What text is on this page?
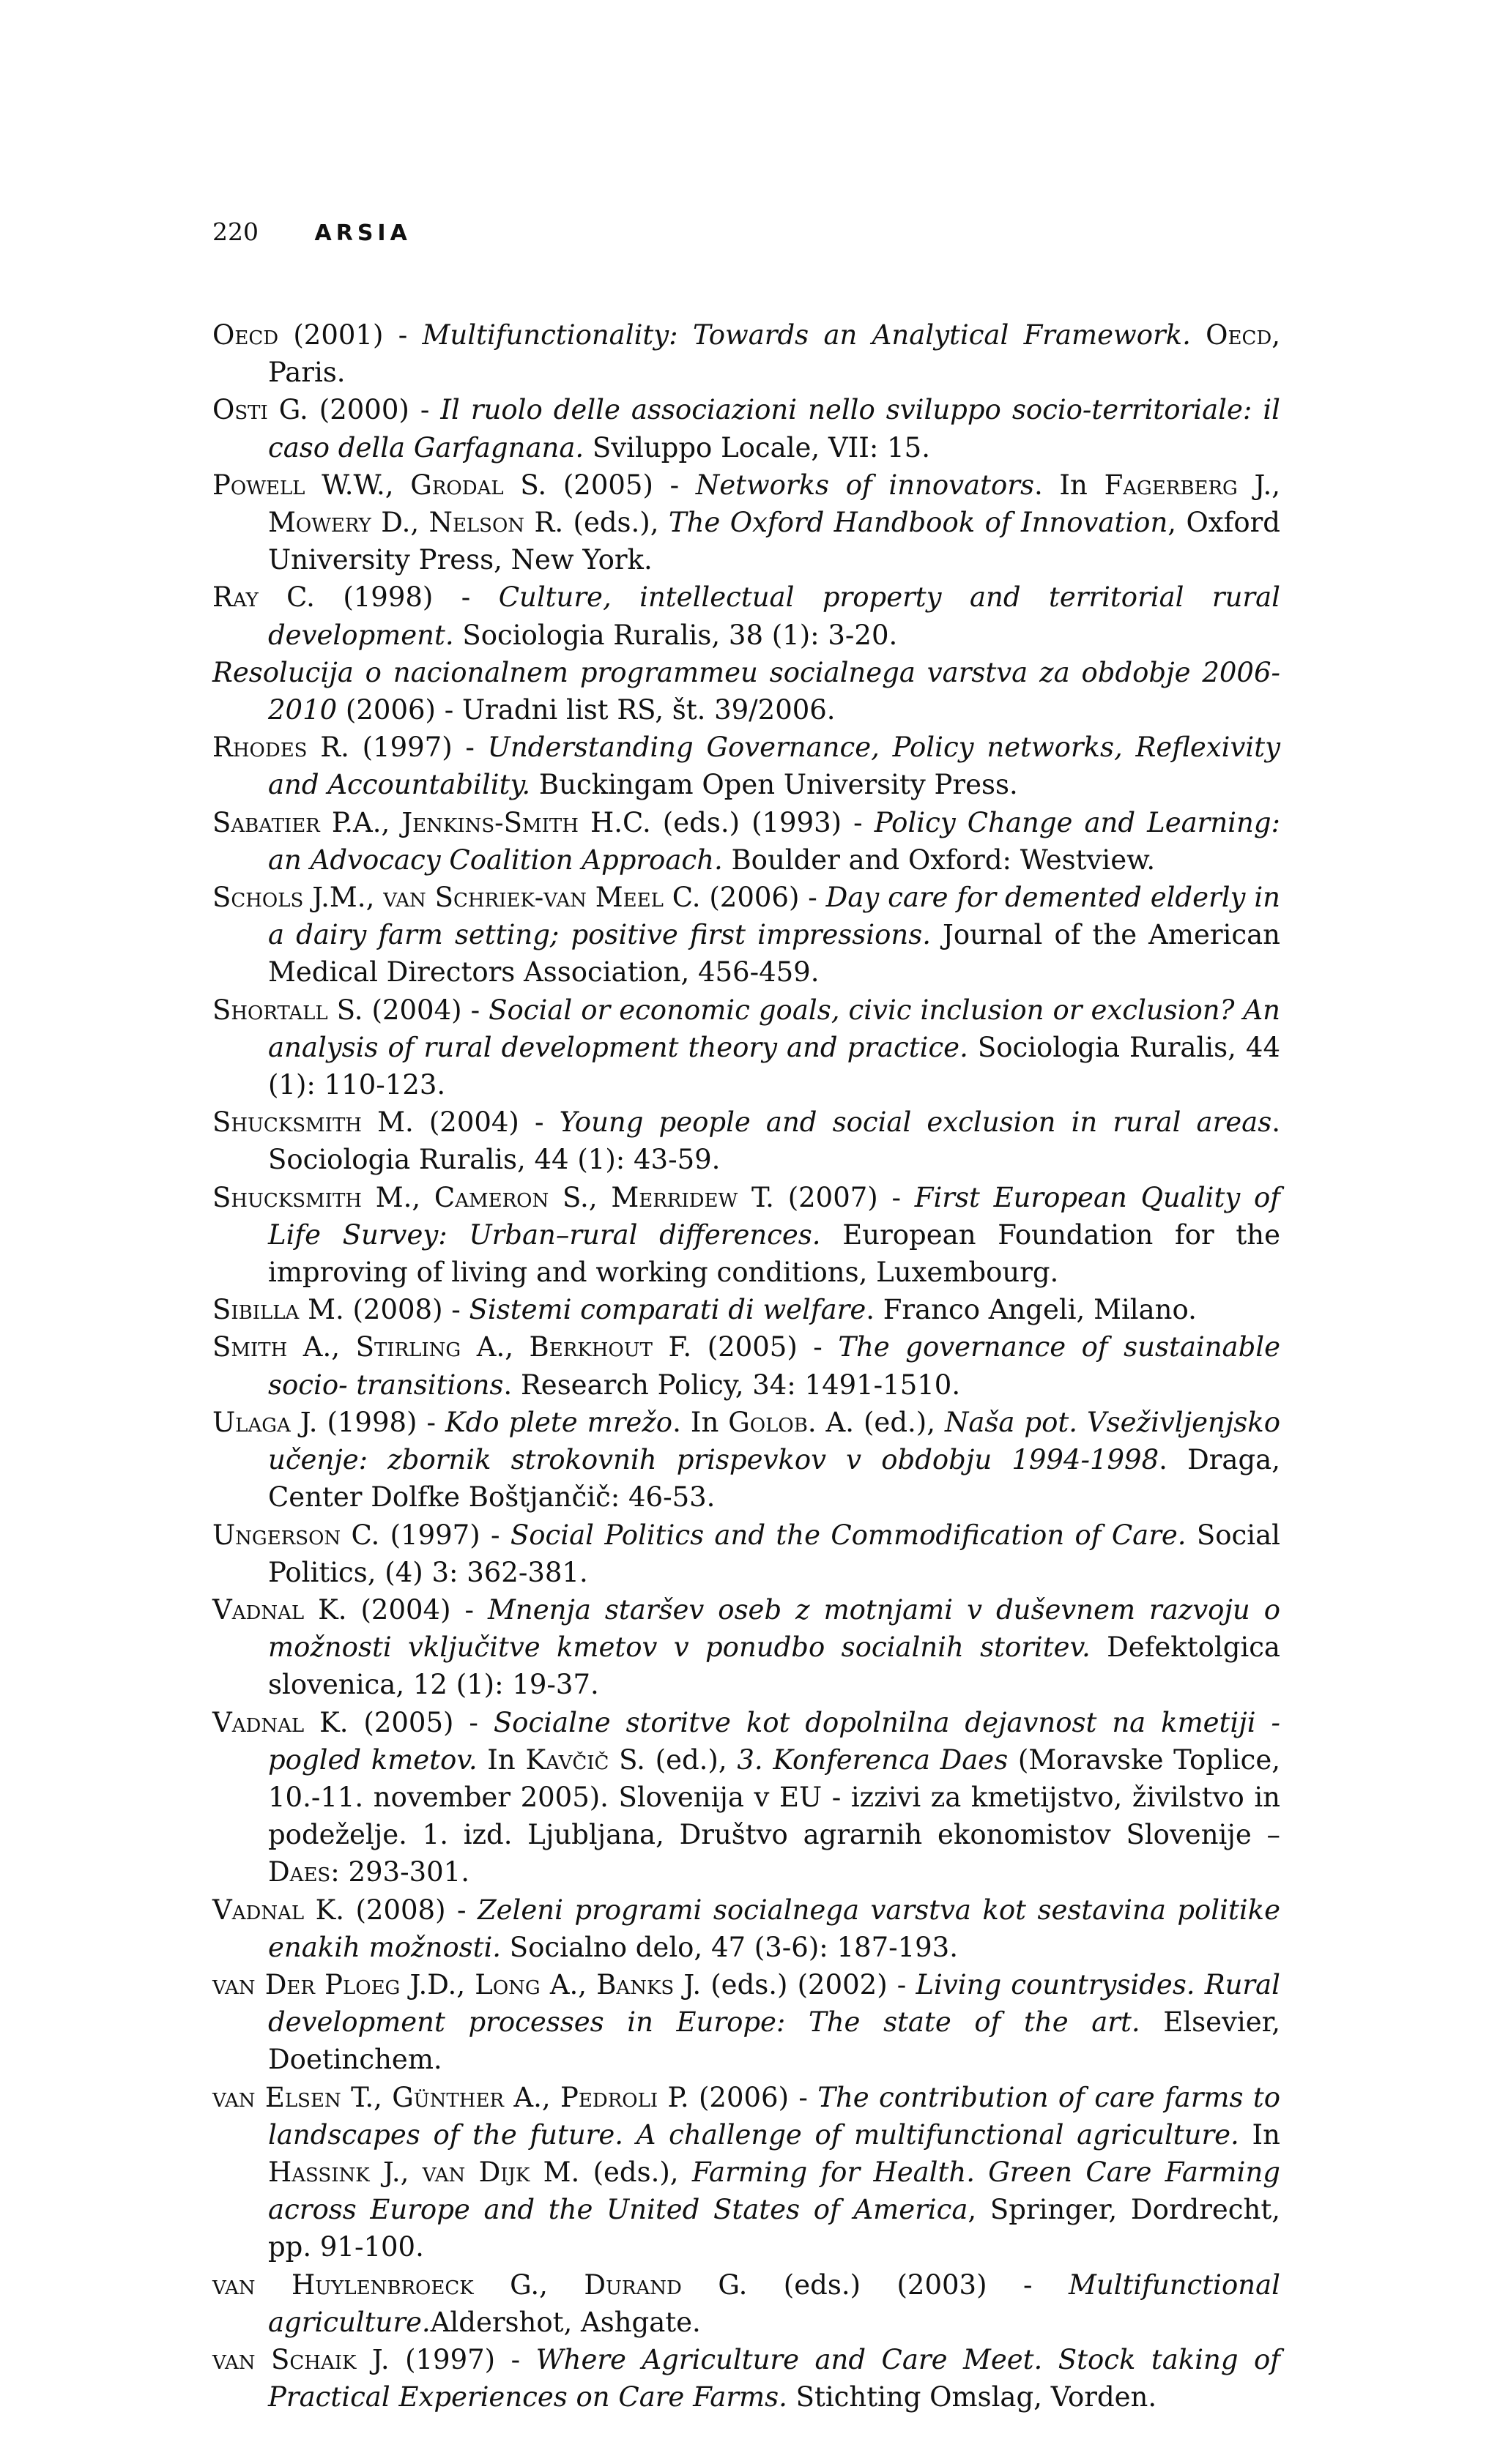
220	ARSIA

Oecd (2001) - Multifunctionality: Towards an Analytical Framework. Oecd, Paris.

Osti G. (2000) - Il ruolo delle associazioni nello sviluppo socio-territoriale: il caso della Garfagnana. Sviluppo Locale, VII: 15.

Powell W.W., Grodal S. (2005) - Networks of innovators. In Fagerberg J., Mowery D., Nelson R. (eds.), The Oxford Handbook of Innovation, Oxford University Press, New York.

Ray C. (1998) - Culture, intellectual property and territorial rural development. Sociologia Ruralis, 38 (1): 3-20.

Resolucija o nacionalnem programmeu socialnega varstva za obdobje 2006-2010 (2006) - Uradni list RS, št. 39/2006.

Rhodes R. (1997) - Understanding Governance, Policy networks, Reflexivity and Accountability. Buckingam Open University Press.

Sabatier P.A., Jenkins-Smith H.C. (eds.) (1993) - Policy Change and Learning: an Advocacy Coalition Approach. Boulder and Oxford: Westview.

Schols J.M., van Schriek-van Meel C. (2006) - Day care for demented elderly in a dairy farm setting; positive first impressions. Journal of the American Medical Directors Association, 456-459.

Shortall S. (2004) - Social or economic goals, civic inclusion or exclusion? An analysis of rural development theory and practice. Sociologia Ruralis, 44 (1): 110-123.

Shucksmith M. (2004) - Young people and social exclusion in rural areas. Sociologia Ruralis, 44 (1): 43-59.

Shucksmith M., Cameron S., Merridew T. (2007) - First European Quality of Life Survey: Urban–rural differences. European Foundation for the improving of living and working conditions, Luxembourg.

Sibilla M. (2008) - Sistemi comparati di welfare. Franco Angeli, Milano.

Smith A., Stirling A., Berkhout F. (2005) - The governance of sustainable socio- transitions. Research Policy, 34: 1491-1510.

Ulaga J. (1998) - Kdo plete mrežo. In Golob. A. (ed.), Naša pot. Vseživljenjsko učenje: zbornik strokovnih prispevkov v obdobju 1994-1998. Draga, Center Dolfke Boštjančič: 46-53.

Ungerson C. (1997) - Social Politics and the Commodification of Care. Social Politics, (4) 3: 362-381.

Vadnal K. (2004) - Mnenja staršev oseb z motnjami v duševnem razvoju o možnosti vključitve kmetov v ponudbo socialnih storitev. Defektolgica slovenica, 12 (1): 19-37.

Vadnal K. (2005) - Socialne storitve kot dopolnilna dejavnost na kmetiji - pogled kmetov. In Kavčič S. (ed.), 3. Konferenca Daes (Moravske Toplice, 10.-11. november 2005). Slovenija v EU - izzivi za kmetijstvo, živilstvo in podeželje. 1. izd. Ljubljana, Društvo agrarnih ekonomistov Slovenije – Daes: 293-301.

Vadnal K. (2008) - Zeleni programi socialnega varstva kot sestavina politike enakih možnosti. Socialno delo, 47 (3-6): 187-193.

van Der Ploeg J.D., Long A., Banks J. (eds.) (2002) - Living countrysides. Rural development processes in Europe: The state of the art. Elsevier, Doetinchem.

van Elsen T., Günther A., Pedroli P. (2006) - The contribution of care farms to landscapes of the future. A challenge of multifunctional agriculture. In Hassink J., van Dijk M. (eds.), Farming for Health. Green Care Farming across Europe and the United States of America, Springer, Dordrecht, pp. 91-100.

van Huylenbroeck G., Durand G. (eds.) (2003) - Multifunctional agriculture.Aldershot, Ashgate.

van Schaik J. (1997) - Where Agriculture and Care Meet. Stock taking of Practical Experiences on Care Farms. Stichting Omslag, Vorden.
